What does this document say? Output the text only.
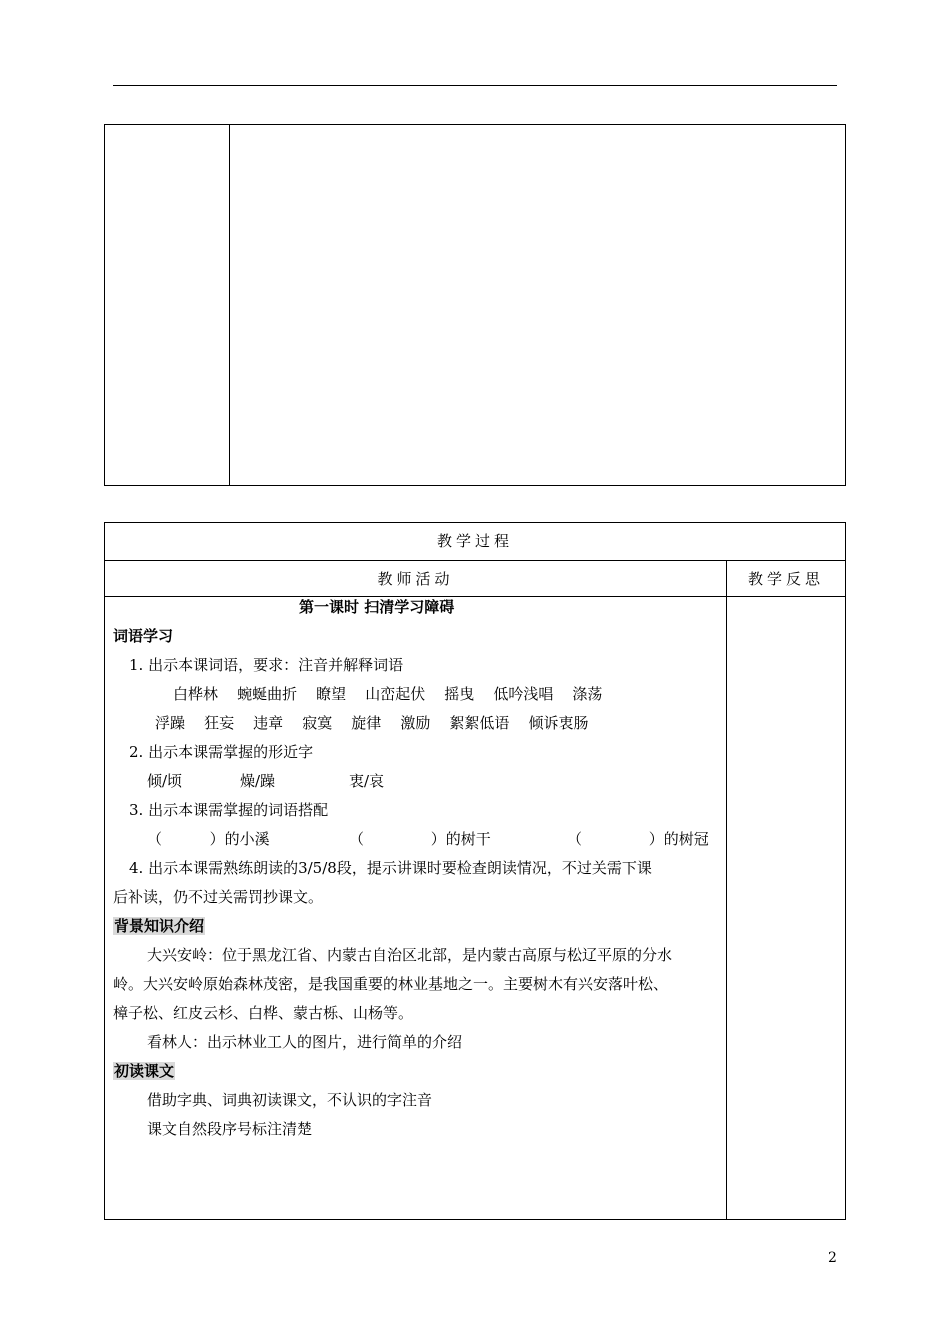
教学过程
教师活动	教学反思
第一课时 扫清学习障碍
词语学习
1. 出示本课词语，要求：注音并解释词语
白桦林    蜿蜒曲折    瞭望    山峦起伏    摇曳    低吟浅唱    涤荡
浮躁    狂妄    违章    寂寞    旋律    激励    絮絮低语    倾诉衷肠
2. 出示本课需掌握的形近字
倾/顷	燥/躁	衷/哀
3. 出示本课需掌握的词语搭配
（          ）的小溪	（              ）的树干	（              ）的树冠
4. 出示本课需熟练朗读的3/5/8段，提示讲课时要检查朗读情况，不过关需下课
后补读，仍不过关需罚抄课文。
背景知识介绍
大兴安岭：位于黑龙江省、内蒙古自治区北部，是内蒙古高原与松辽平原的分水
岭。大兴安岭原始森林茂密，是我国重要的林业基地之一。主要树木有兴安落叶松、
樟子松、红皮云杉、白桦、蒙古栎、山杨等。
看林人：出示林业工人的图片，进行简单的介绍
初读课文
借助字典、词典初读课文，不认识的字注音
课文自然段序号标注清楚
2
